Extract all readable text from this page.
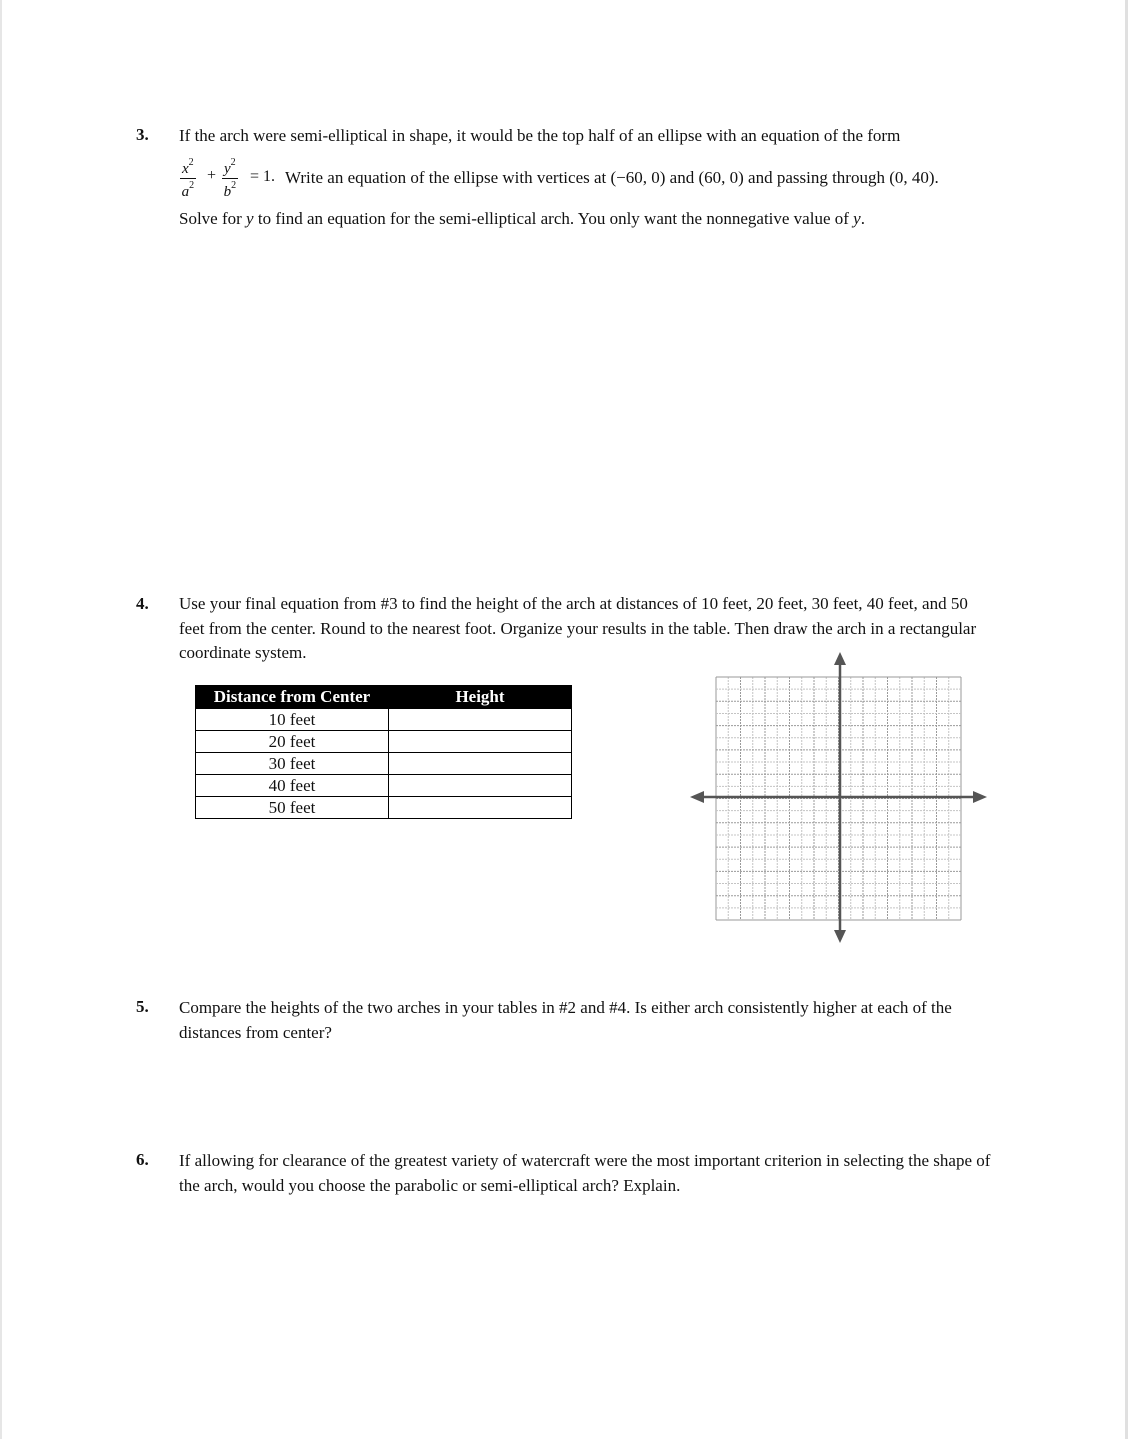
3. If the arch were semi-elliptical in shape, it would be the top half of an ellipse with an equation of the form
$\frac{x^2}{a^2} + \frac{y^2}{b^2} = 1$. Write an equation of the ellipse with vertices at (−60, 0) and (60, 0) and passing through (0, 40).
Solve for y to find an equation for the semi-elliptical arch. You only want the nonnegative value of y.
4. Use your final equation from #3 to find the height of the arch at distances of 10 feet, 20 feet, 30 feet, 40 feet, and 50 feet from the center. Round to the nearest foot. Organize your results in the table. Then draw the arch in a rectangular coordinate system.
Distance from Center	Height
10 feet	
20 feet	
30 feet	
40 feet	
50 feet	
5. Compare the heights of the two arches in your tables in #2 and #4. Is either arch consistently higher at each of the distances from center?
6. If allowing for clearance of the greatest variety of watercraft were the most important criterion in selecting the shape of the arch, would you choose the parabolic or semi-elliptical arch? Explain.
